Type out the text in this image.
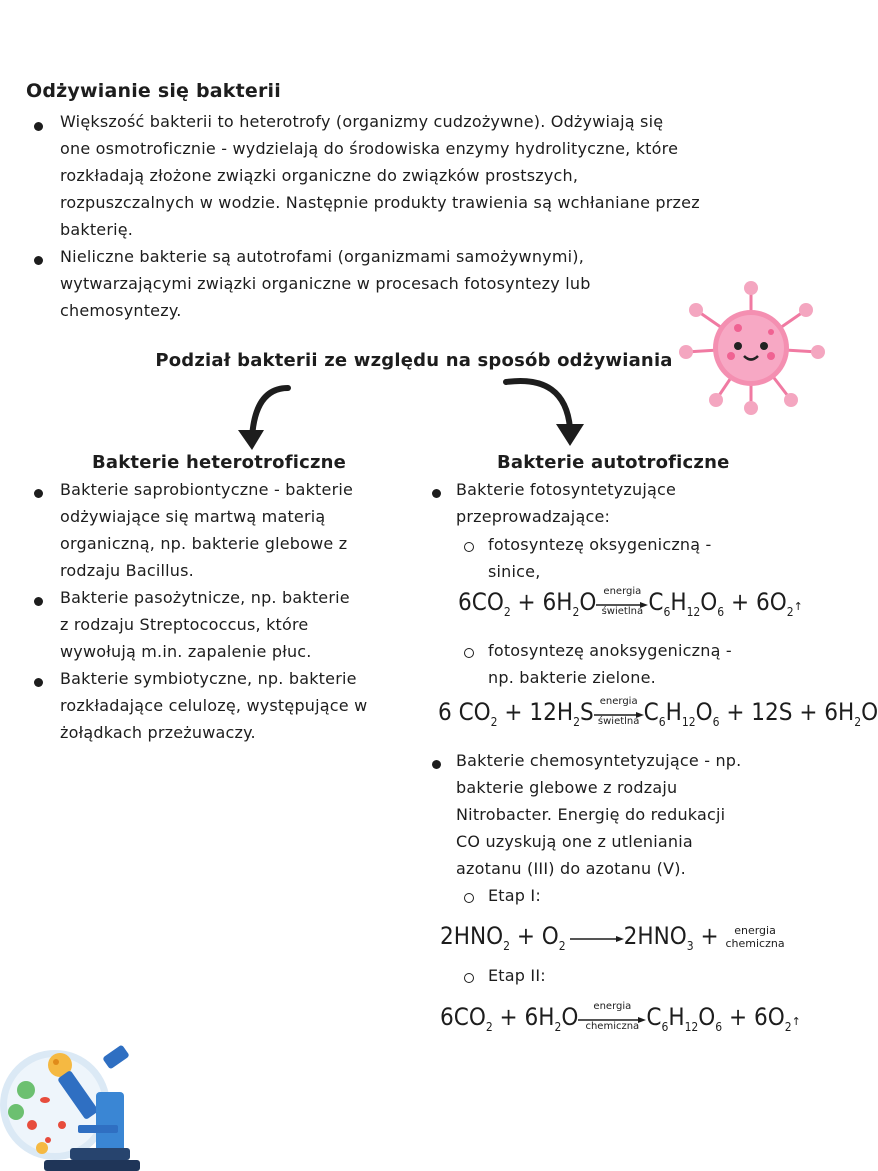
Odżywianie się bakterii
Większość bakterii to heterotrofy (organizmy cudzożywne). Odżywiają się
one osmotroficznie - wydzielają do środowiska enzymy hydrolityczne, które
rozkładają złożone związki organiczne do związków prostszych,
rozpuszczalnych w wodzie. Następnie produkty trawienia są wchłaniane przez
bakterię.
Nieliczne bakterie są autotrofami (organizmami samożywnymi),
wytwarzającymi związki organiczne w procesach fotosyntezy lub
chemosyntezy.
Podział bakterii ze względu na sposób odżywiania
Bakterie heterotroficzne
Bakterie saprobiontyczne - bakterie
odżywiające się martwą materią
organiczną, np. bakterie glebowe z
rodzaju Bacillus.
Bakterie pasożytnicze, np. bakterie
z rodzaju Streptococcus, które
wywołują m.in. zapalenie płuc.
Bakterie symbiotyczne, np. bakterie
rozkładające celulozę, występujące w
żołądkach przeżuwaczy.
Bakterie autotroficzne
Bakterie fotosyntetyzujące
przeprowadzające:
fotosyntezę oksygeniczną -
sinice,
$6CO_2 + 6H_2O$ energia
świetlna $C_6H_{12}O_6$ + $6O_2↑$
fotosyntezę anoksygeniczną -
np. bakterie zielone.
6 $CO_2 + 12H_2S$ energia
świetlna $C_6H_{12}O_6 + 12S + 6H_2O$
Bakterie chemosyntetyzujące - np.
bakterie glebowe z rodzaju
Nitrobacter. Energię do redukacji
CO uzyskują one z utleniania
azotanu (III) do azotanu (V).
Etap I:
$2HNO_2 + O_2$ $2HNO_3$ + energia
chemiczna
Etap II:
$6CO_2 + 6H_2O$	energia
chemiczna $C_6H_{12}O_6$ + $6O_2↑$
